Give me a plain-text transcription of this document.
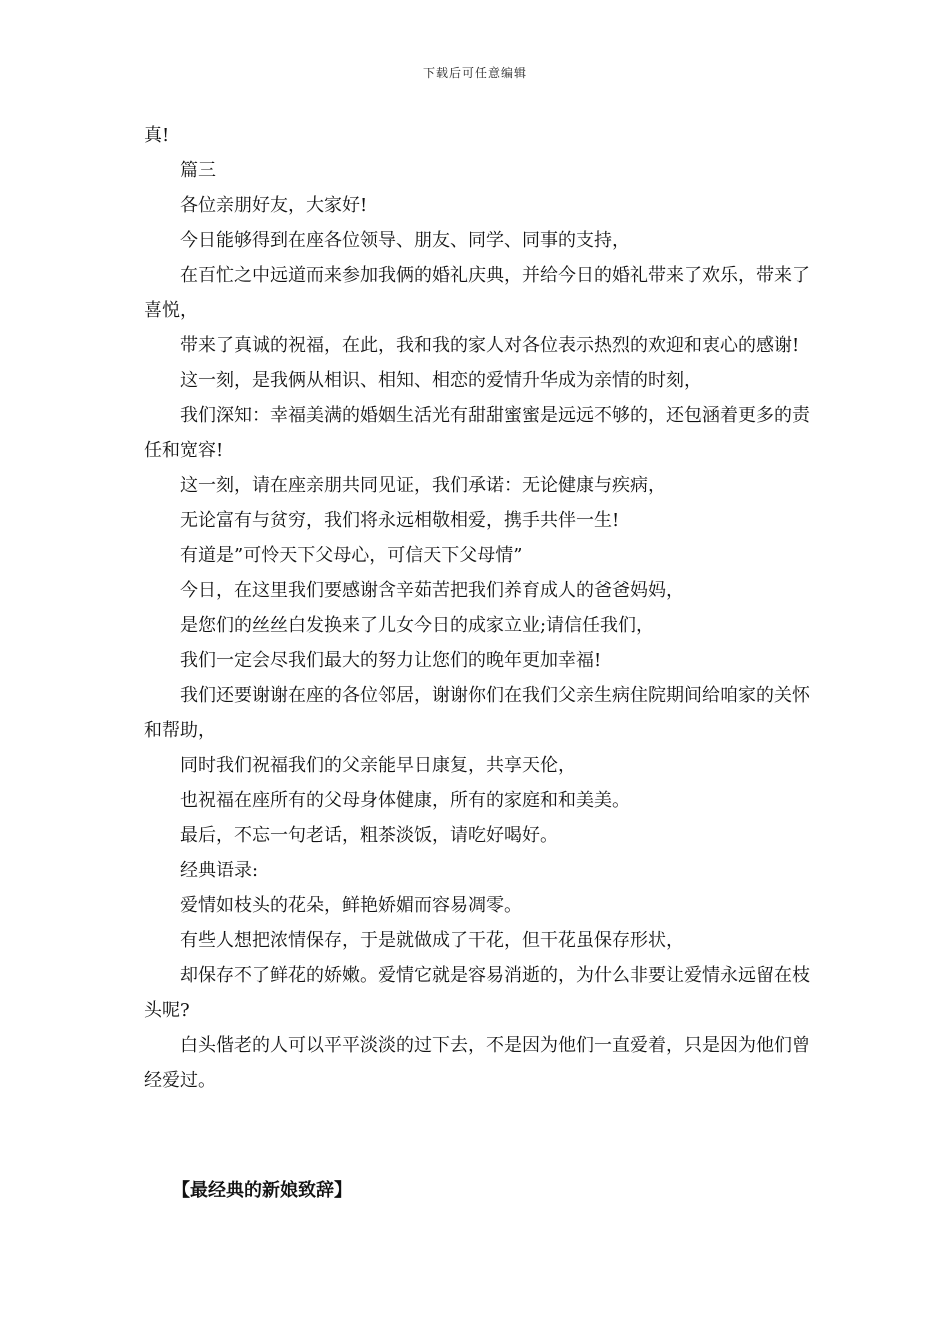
下载后可任意编辑

真!

篇三

各位亲朋好友，大家好!

今日能够得到在座各位领导、朋友、同学、同事的支持，

在百忙之中远道而来参加我俩的婚礼庆典，并给今日的婚礼带来了欢乐，带来了喜悦，

带来了真诚的祝福，在此，我和我的家人对各位表示热烈的欢迎和衷心的感谢!

这一刻，是我俩从相识、相知、相恋的爱情升华成为亲情的时刻，

我们深知：幸福美满的婚姻生活光有甜甜蜜蜜是远远不够的，还包涵着更多的责任和宽容!

这一刻，请在座亲朋共同见证，我们承诺：无论健康与疾病，

无论富有与贫穷，我们将永远相敬相爱，携手共伴一生!

有道是”可怜天下父母心，可信天下父母情”

今日，在这里我们要感谢含辛茹苦把我们养育成人的爸爸妈妈，

是您们的丝丝白发换来了儿女今日的成家立业;请信任我们，

我们一定会尽我们最大的努力让您们的晚年更加幸福!

我们还要谢谢在座的各位邻居，谢谢你们在我们父亲生病住院期间给咱家的关怀和帮助，

同时我们祝福我们的父亲能早日康复，共享天伦，

也祝福在座所有的父母身体健康，所有的家庭和和美美。

最后，不忘一句老话，粗茶淡饭，请吃好喝好。

经典语录:

爱情如枝头的花朵，鲜艳娇媚而容易凋零。

有些人想把浓情保存，于是就做成了干花，但干花虽保存形状，

却保存不了鲜花的娇嫩。爱情它就是容易消逝的，为什么非要让爱情永远留在枝头呢?

白头偕老的人可以平平淡淡的过下去，不是因为他们一直爱着，只是因为他们曾经爱过。

【最经典的新娘致辞】
